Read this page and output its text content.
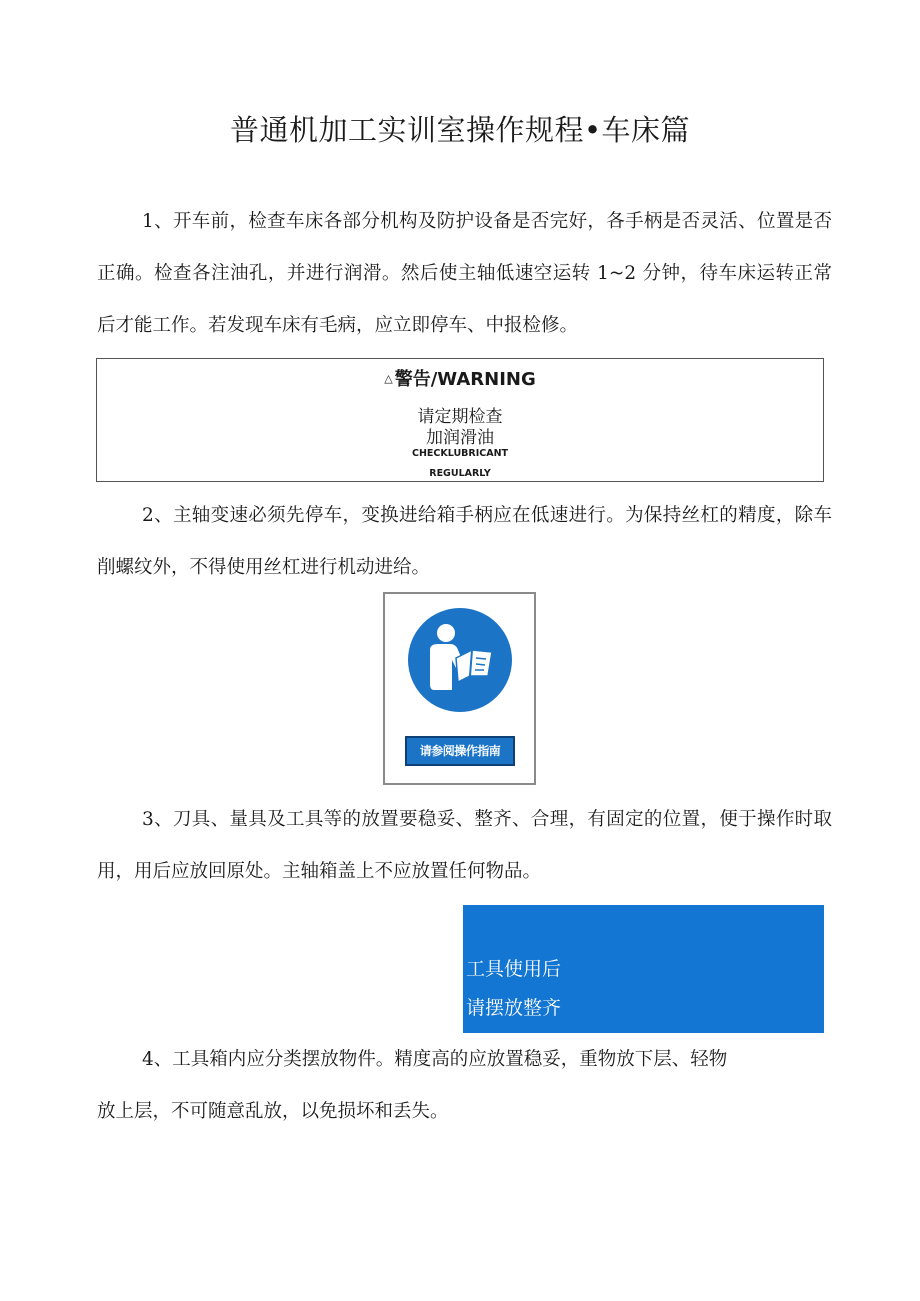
普通机加工实训室操作规程•车床篇

1、开车前，检查车床各部分机构及防护设备是否完好，各手柄是否灵活、位置是否正确。检查各注油孔，并进行润滑。然后使主轴低速空运转 1~2 分钟，待车床运转正常后才能工作。若发现车床有毛病，应立即停车、中报检修。

△ 警告/WARNING
请定期检查
加润滑油
CHECKLUBRICANT
REGULARLY

2、主轴变速必须先停车，变换进给箱手柄应在低速进行。为保持丝杠的精度，除车削螺纹外，不得使用丝杠进行机动进给。

请参阅操作指南

3、刀具、量具及工具等的放置要稳妥、整齐、合理，有固定的位置，便于操作时取用，用后应放回原处。主轴箱盖上不应放置任何物品。

工具使用后
请摆放整齐

4、工具箱内应分类摆放物件。精度高的应放置稳妥，重物放下层、轻物
放上层，不可随意乱放，以免损坏和丢失。
